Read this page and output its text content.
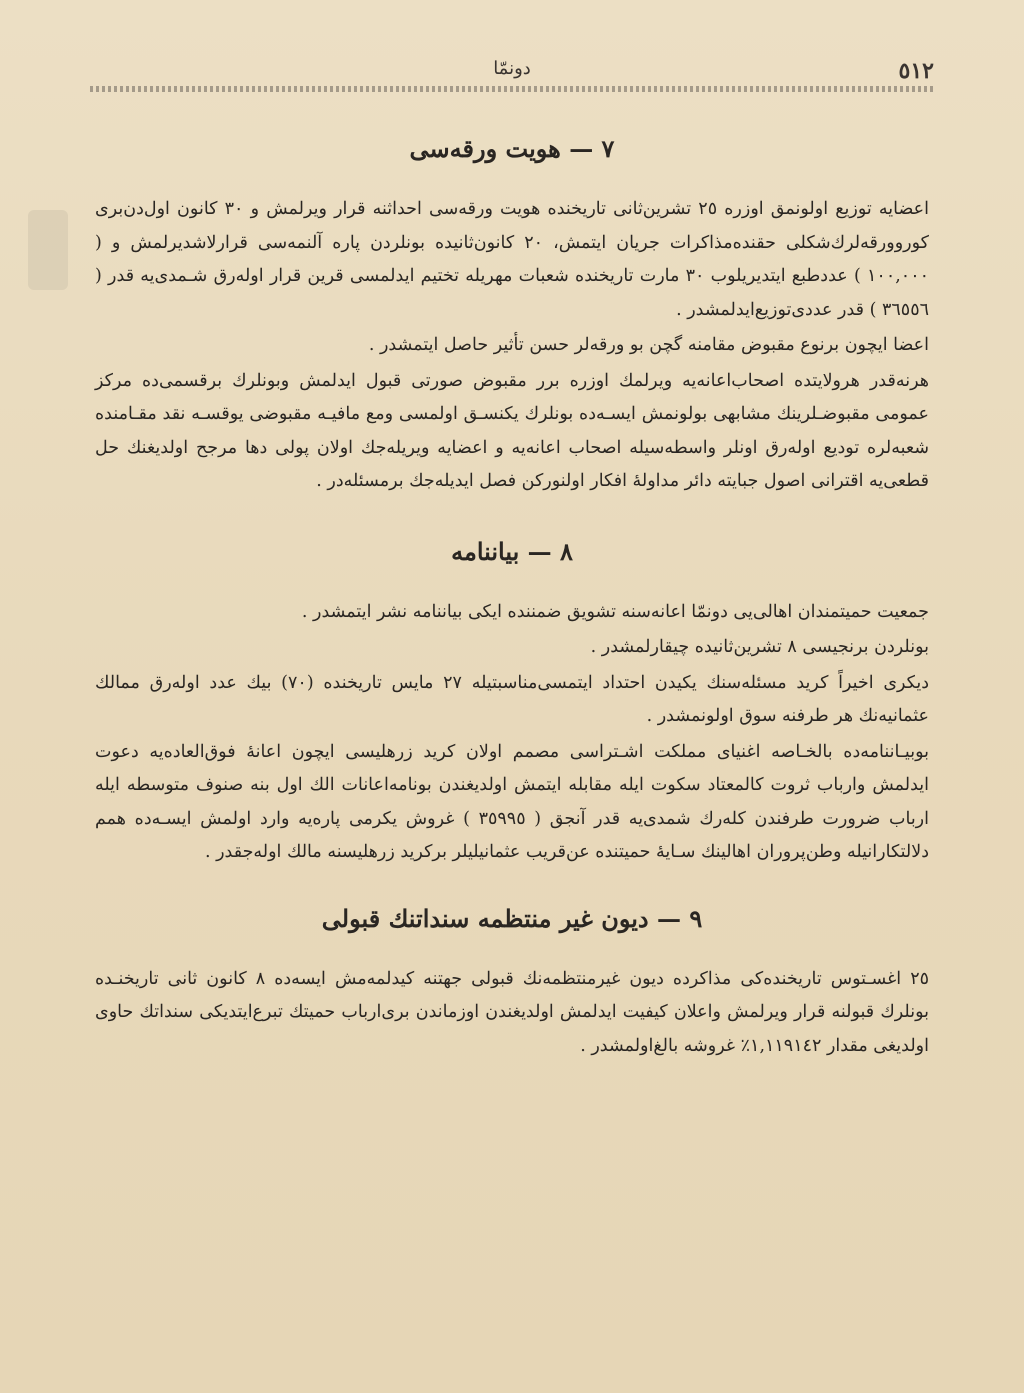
٥١٢
دونمّا
٧ — هویت ورقه‌سی

اعضایه توزیع اولونمق اوزره ٢٥ تشرین‌ثانی تاریخنده هویت ورقه‌سی احداثنه قرار ویرلمش و ٣٠ کانون اول‌دن‌بری کوروورقه‌لرك‌شکلی حقنده‌مذاکرات جریان ایتمش، ٢٠ کانون‌ثانیده بونلردن پاره آلنمه‌سی قرارلاشدیرلمش و ( ١٠٠,٠٠٠ ) عددطبع ایتدیریلوب ٣٠ مارت تاریخنده شعبات مهریله تختیم ایدلمسی قرین قرار اوله‌رق شـمدی‌یه قدر ( ٣٦٥٥٦ ) قدر عددی‌توزیع‌ایدلمشدر .

اعضا ایچون برنوع مقبوض مقامنه گچن بو ورقه‌لر حسن تأثیر حاصل ایتمشدر .

هرنه‌قدر هرولایتده اصحاب‌اعانه‌یه ویرلمك اوزره برر مقبوض صورتی قبول ایدلمش وبونلرك برقسمی‌ده مرکز عمومی مقبوضـلرینك مشابهی بولونمش ایسـه‌ده بونلرك یکنسـق اولمسی ومع مافیـه مقبوضی یوقسـه نقد مقـامنده شعبه‌لره تودیع اوله‌رق اونلر واسطه‌سیله اصحاب اعانه‌یه و اعضایه ویریله‌جك اولان پولی دها مرجح اولدیغنك حل قطعی‌یه اقترانی اصول جبایته دائر مداولهٔ افکار اولنورکن فصل ایدیله‌جك برمسئله‌در .

٨ — بیاننامه

جمعیت حمیتمندان اهالی‌یی دونمّا اعانه‌سنه تشویق ضمننده ایکی بیاننامه نشر ایتمشدر .

بونلردن برنجیسی ٨ تشرین‌ثانیده چیقارلمشدر .

دیکری اخیراً کرید مسئله‌سنك یکیدن احتداد ایتمسی‌مناسبتیله ٢٧ مایس تاریخنده (٧٠) بیك عدد اوله‌رق ممالك عثمانیه‌نك هر طرفنه سوق اولونمشدر .

بوبیـاننامه‌ده بالخـاصه اغنیای مملکت اشـتراسی مصمم اولان کرید زرهلیسی ایچون اعانهٔ فوق‌العاده‌یه دعوت ایدلمش وارباب ثروت کالمعتاد سکوت ایله مقابله ایتمش اولدیغندن بونامه‌اعانات الك اول بنه صنوف متوسطه ایله ارباب ضرورت طرفندن کلەرك شمدی‌یه قدر آنجق ( ٣٥٩٩٥ ) غروش یکرمی پاره‌یه وارد اولمش ایسـه‌ده همم دلالتکارانیله وطن‌پروران اهالینك سـایهٔ حمیتنده عن‌قریب عثمانیلیلر برکرید زرهلیسنه مالك اوله‌جقدر .

٩ — دیون غیر منتظمه سنداتنك قبولی

٢٥ اغسـتوس تاریخنده‌کی مذاکرده دیون غیرمنتظمه‌نك قبولی جهتنه کیدلمه‌مش ایسه‌ده ٨ کانون ثانی تاریخنـده بونلرك قبولنه قرار ویرلمش واعلان کیفیت ایدلمش اولدیغندن اوزماندن بری‌ارباب حمیتك تبرع‌ایتدیکی سنداتك حاوی اولدیغی مقدار ١,١١٩١٤٢٪ غروشه بالغ‌اولمشدر .
